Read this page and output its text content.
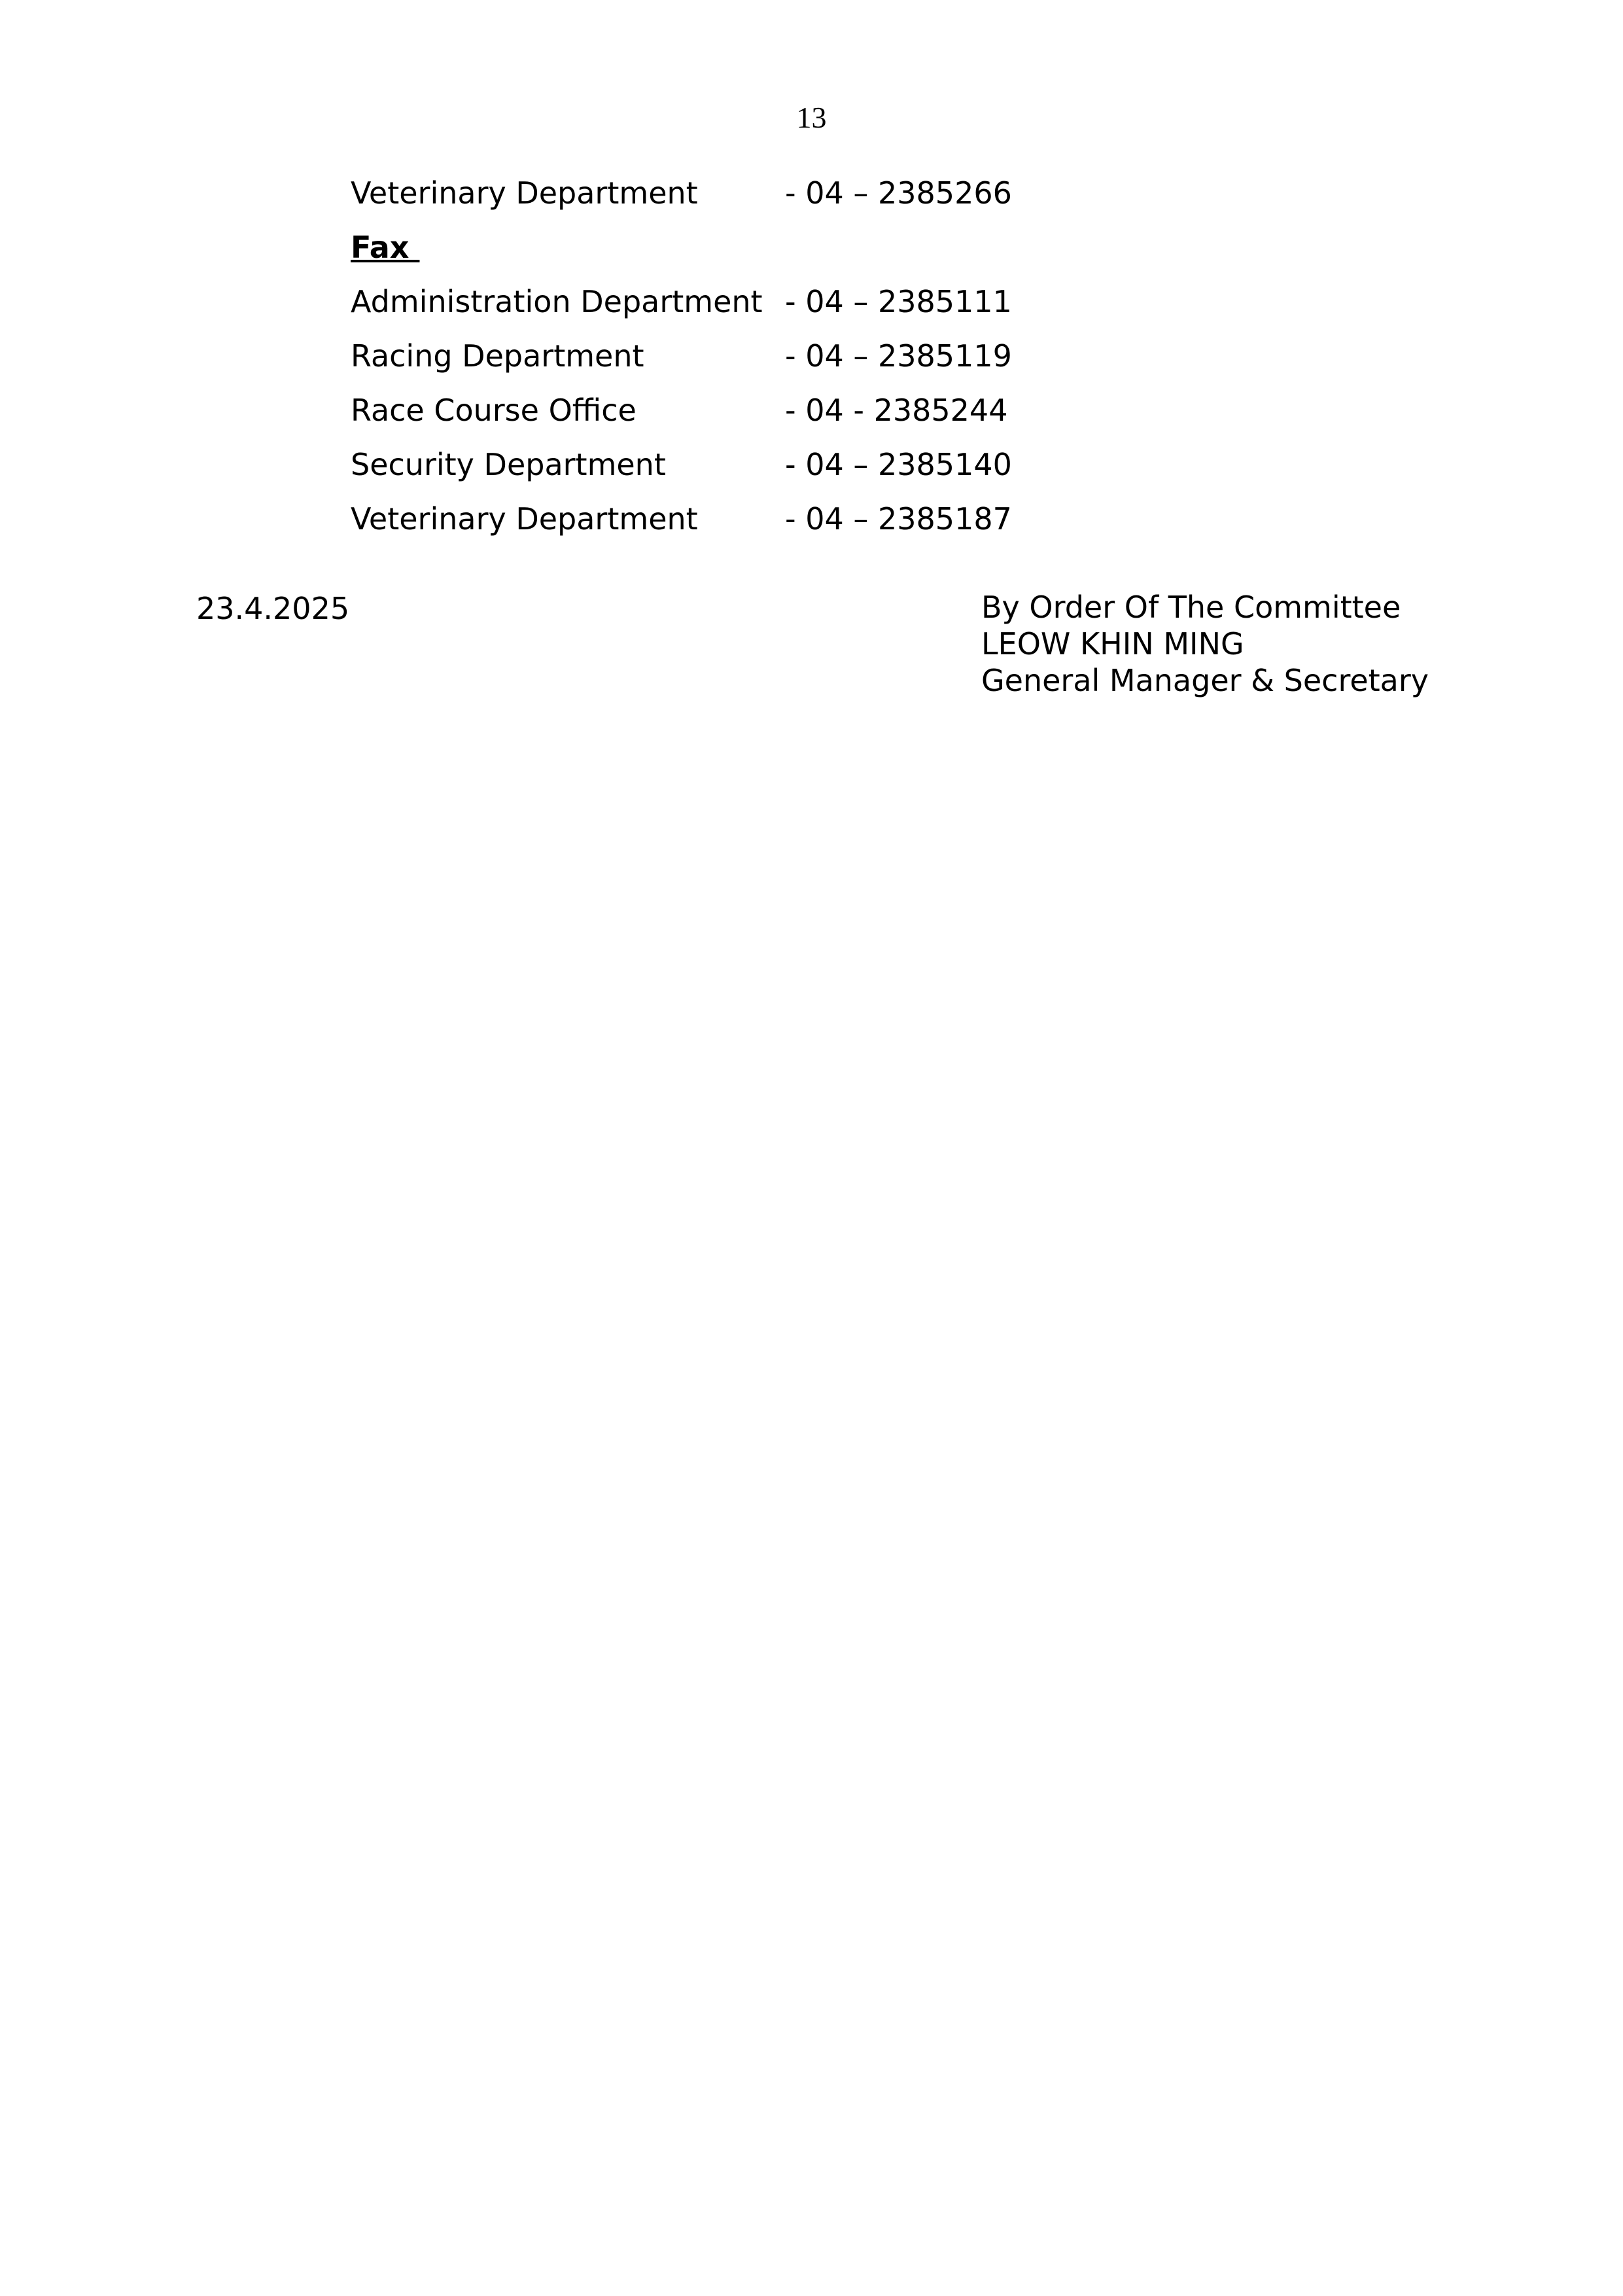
13
Veterinary Department	- 04 – 2385266
Fax
Administration Department - 04 – 2385111
Racing Department	- 04 – 2385119
Race Course Office	- 04 - 2385244
Security Department	- 04 – 2385140
Veterinary Department	- 04 – 2385187
23.4.2025	By Order Of The Committee
LEOW KHIN MING
General Manager & Secretary
